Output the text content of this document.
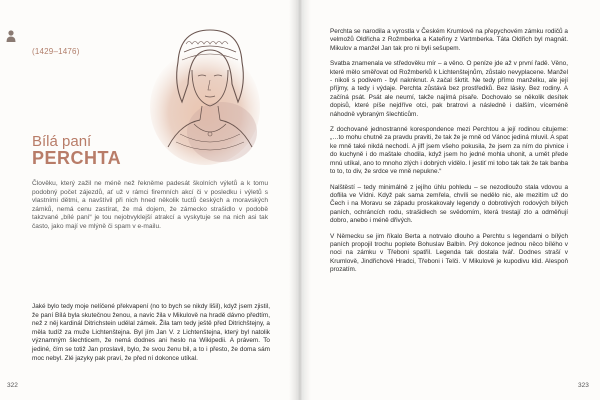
(1429–1476)
Bílá paní
PERCHTA
Člověku, který zažil ne méně než řekněme padesát školních výletů a k tomu podobný počet zájezdů, ať už v rámci firemních akcí či v posledku i výletů s vlastními dětmi, a navštívil při nich hned několik tuctů českých a moravských zámků, nemá cenu zastírat, že má dojem, že zámecko strašidlo v podobě takzvané „bílé paní“ je tou nejobvyklejší atrakcí a vyskytuje se na nich asi tak často, jako mají ve mlýně či spam v e-mailu.
Jaké bylo tedy moje nelíčené překvapení (no to bych se nikdy lišil), když jsem zjistil, že paní Bílá byla skutečnou ženou, a navíc žila v Mikulově na hradě dávno předtím, než z něj kardinál Ditrichstein udělal zámek. Žila tam tedy ještě před Ditrichštejny, a měla tudíž za muže Lichtenštejna. Byl jím Jan V. z Lichtenštejna, který byl natolik významným šlechticem, že nemá dodnes ani heslo na Wikipedii. A právem. To jediné, čím se totiž Jan proslavil, bylo, že svou ženu bil, a to i přesto, že doma sám moc nebyl. Zlé jazyky pak praví, že před ní dokonce utíkal.
322

Perchta se narodila a vyrostla v Českém Krumlově na přepychovém zámku rodičů a velmožů Oldřicha z Rožmberka a Kateřiny z Vartmberka. Táta Oldřich byl magnát. Mikulov a manžel Jan tak pro ni byli sešupem.

Svatba znamenala ve středověku mír – a věno. O peníze jde až v první řadě. Věno, které mělo směřovat od Rožmberků k Lichtenštejnům, zůstalo nevyplacene. Manžel - nikoli s podivem - byl naknknut. A začal škrtit. Ne tedy přímo manželku, ale její příjmy, a tedy i výdaje. Perchta zůstává bez prostředků. Bez lásky. Bez rodiny. A začíná psát. Psát ale neumí, takže najímá písaře. Dochovalo se několik desítek dopisů, které píše nejdříve otci, pak bratrovi a následně i dalším, víceméně náhodně vybraným šlechticům.

Z dochované jednostranné korespondence mezi Perchtou a její rodinou citujeme: „…to mohu chutně za pravdu praviti, že tak že je mně od Vánoc jediná mluvil. A spat ke mně také nikdá nechodí. A jiff jsem všeho pokusila, že jsem za ním do pivnice i do kuchyně i do maštale chodila, když jsem ho jedné mohla uhonit, a umět přede mnú utíkal, ano to mnoho zlých i dobrých vídělo. I jestiť mi tobo tak tak že tak banba to to, to div, že srdce ve mně nepukne.“

Nalštěstí – tedy minimálně z jejího úhlu pohledu – se nezodloužo stala vdovou a doflila ve Vídni. Když pak sama zemřela, chvíli se nedělo nic, ale mezitím už do Čech i na Moravu se západu proskakovaly legendy o dobrotivých rodových bílých paních, ochráncích rodu, strašidlech se svědomím, která trestají zlo a odměňují dobro, anebo i méně dřivých.

V Německu se jim říkalo Berta a notrvalo dlouho a Perchtu s legendami o bílých paních propojil trochu poplete Bohuslav Balbín. Prý dokonce jednou něco bílého v noci na zámku v Třeboni spatřil. Legenda tak dostala tvář. Dodnes straší v Krumlově, Jindřichově Hradci, Třeboni i Telči. V Mikulově je kupodivu klid. Alespoň prozatím.

323
